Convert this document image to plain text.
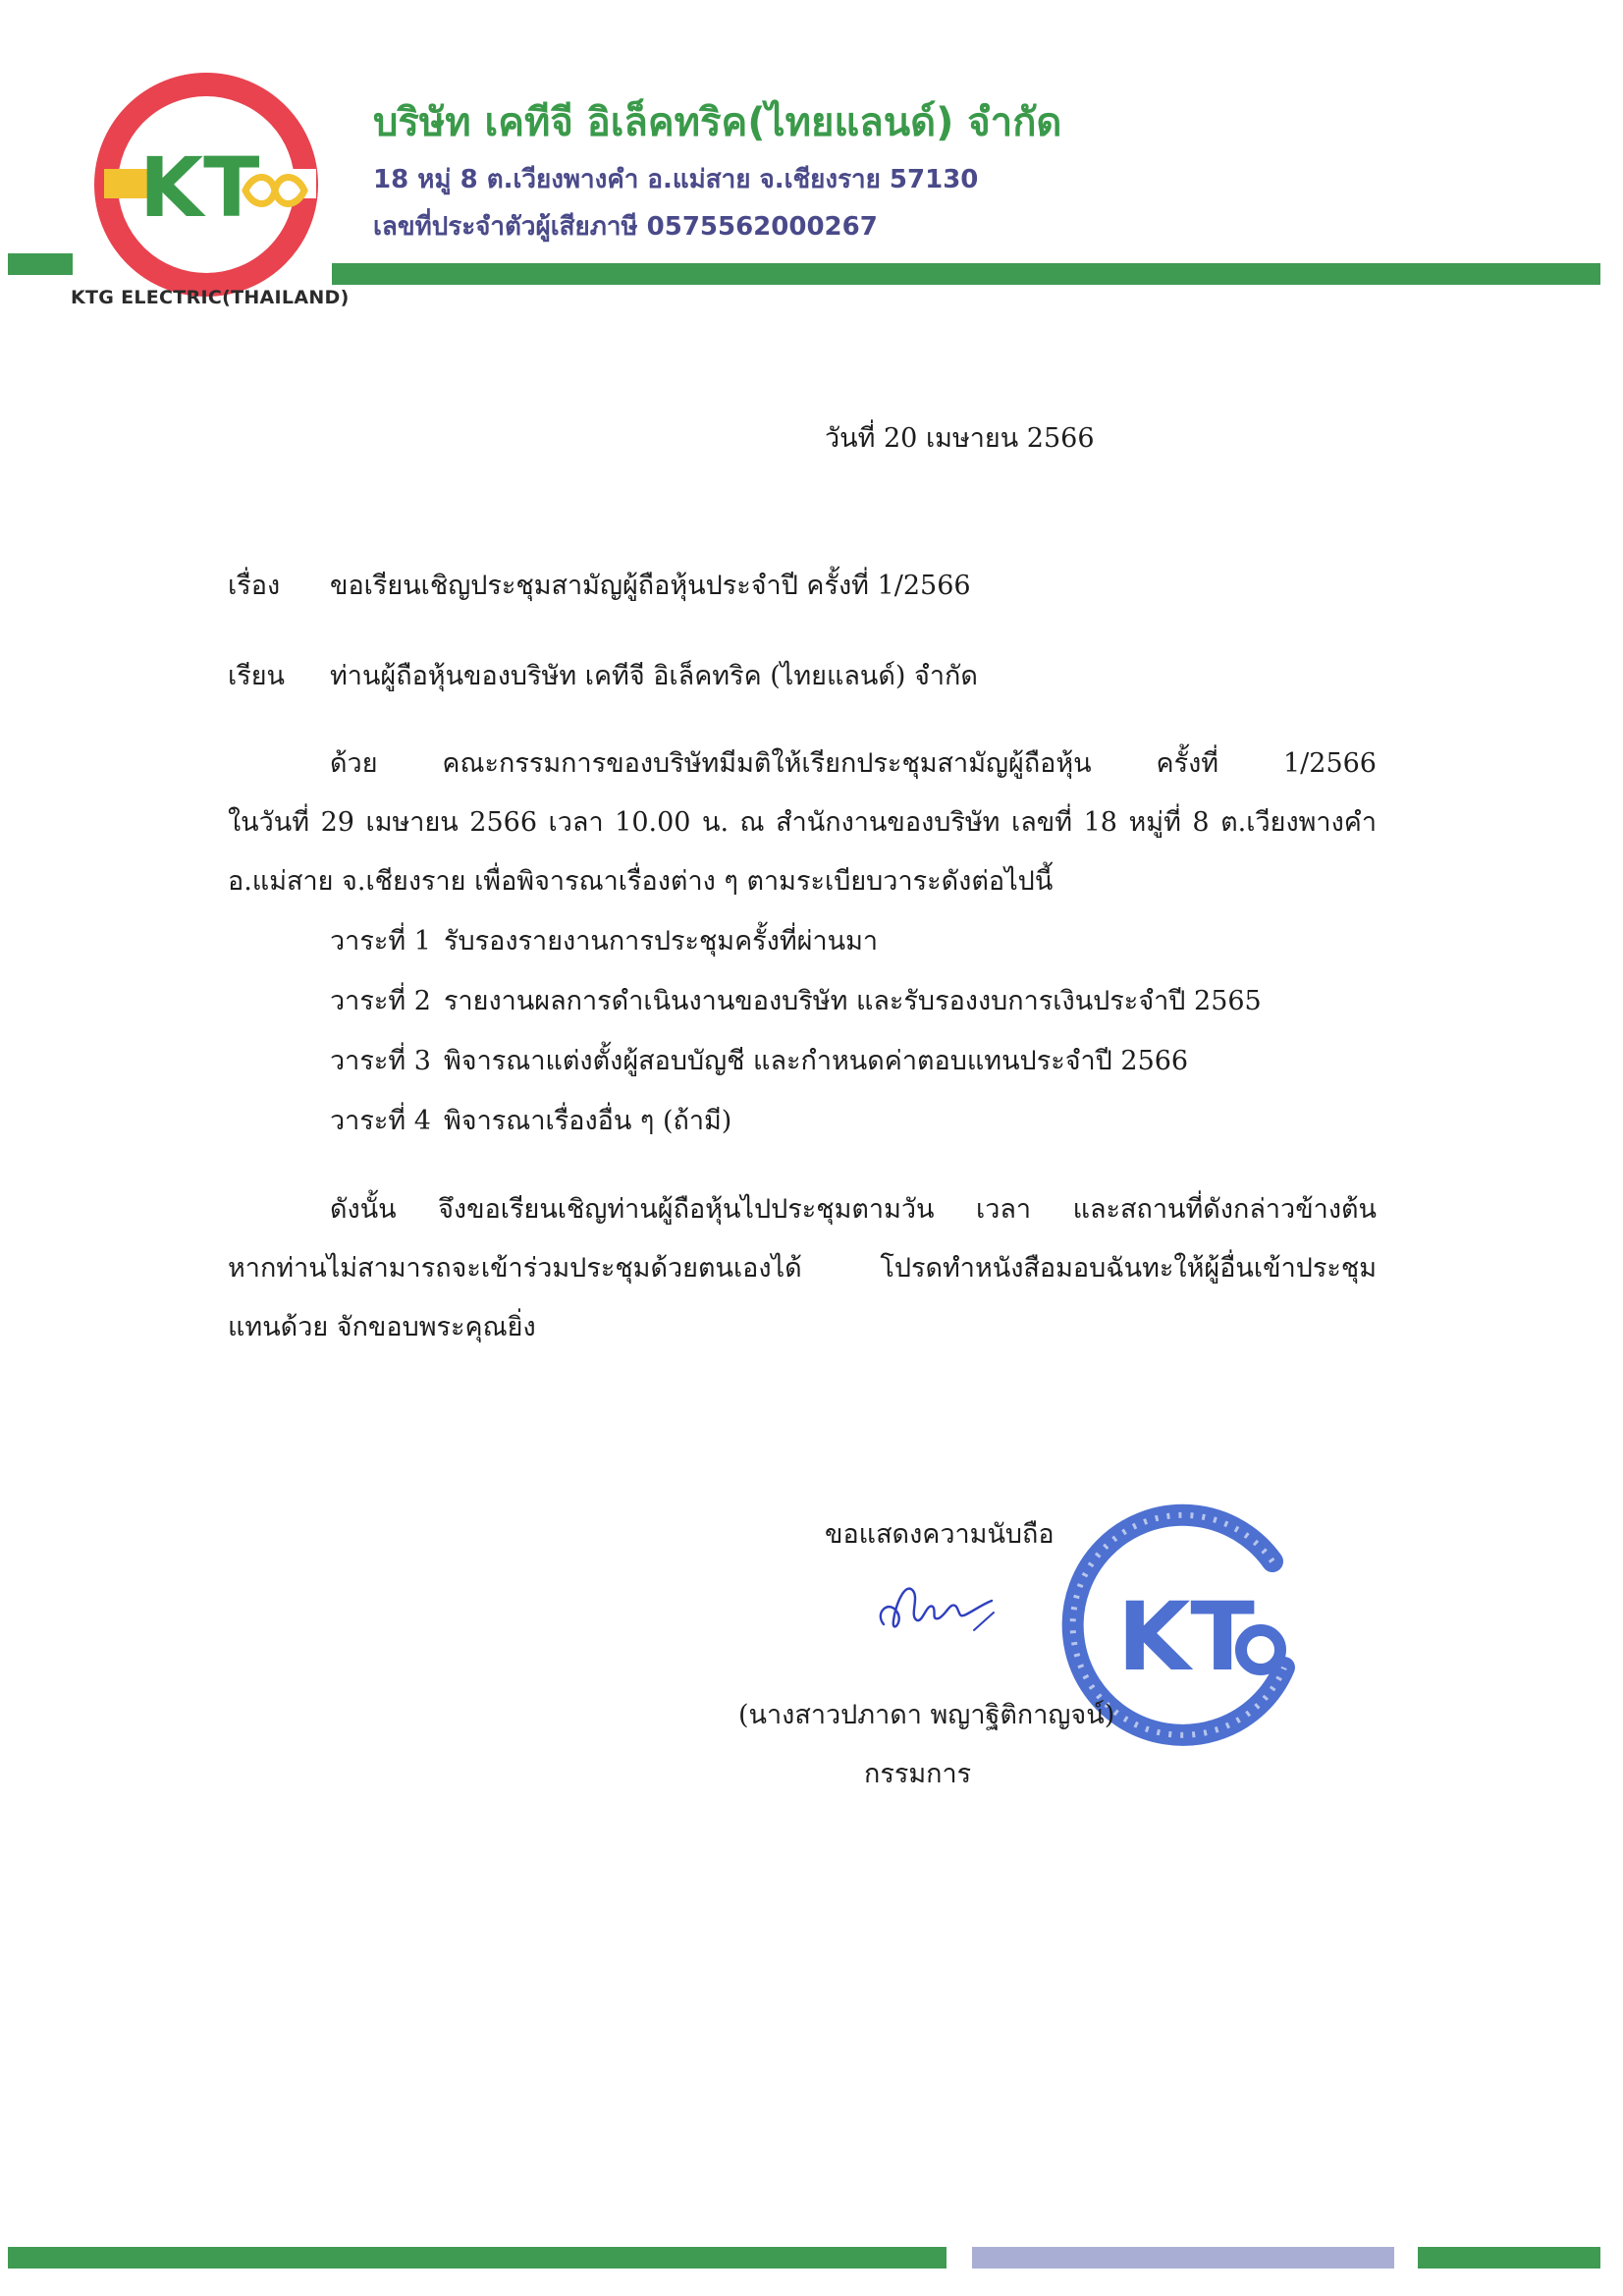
KT
KTG ELECTRIC(THAILAND)
บริษัท เคทีจี อิเล็คทริค(ไทยแลนด์) จำกัด
18 หมู่ 8 ต.เวียงพางคำ อ.แม่สาย จ.เชียงราย 57130
เลขที่ประจำตัวผู้เสียภาษี 0575562000267
วันที่ 20 เมษายน 2566
เรื่อง ขอเรียนเชิญประชุมสามัญผู้ถือหุ้นประจำปี ครั้งที่ 1/2566
เรียน ท่านผู้ถือหุ้นของบริษัท เคทีจี อิเล็คทริค (ไทยแลนด์) จำกัด

ด้วย คณะกรรมการของบริษัทมีมติให้เรียกประชุมสามัญผู้ถือหุ้น ครั้งที่ 1/2566

ในวันที่ 29 เมษายน 2566 เวลา 10.00 น. ณ สำนักงานของบริษัท เลขที่ 18 หมู่ที่ 8 ต.เวียงพางคำ

อ.แม่สาย จ.เชียงราย เพื่อพิจารณาเรื่องต่าง ๆ ตามระเบียบวาระดังต่อไปนี้

วาระที่ 1 รับรองรายงานการประชุมครั้งที่ผ่านมา
วาระที่ 2 รายงานผลการดำเนินงานของบริษัท และรับรองงบการเงินประจำปี 2565
วาระที่ 3 พิจารณาแต่งตั้งผู้สอบบัญชี และกำหนดค่าตอบแทนประจำปี 2566
วาระที่ 4 พิจารณาเรื่องอื่น ๆ (ถ้ามี)

ดังนั้น จึงขอเรียนเชิญท่านผู้ถือหุ้นไปประชุมตามวัน เวลา และสถานที่ดังกล่าวข้างต้น

หากท่านไม่สามารถจะเข้าร่วมประชุมด้วยตนเองได้ โปรดทำหนังสือมอบฉันทะให้ผู้อื่นเข้าประชุม

แทนด้วย จักขอบพระคุณยิ่ง

ขอแสดงความนับถือ
KT
(นางสาวปภาดา พญาฐิติกาญจน์)
กรรมการ
